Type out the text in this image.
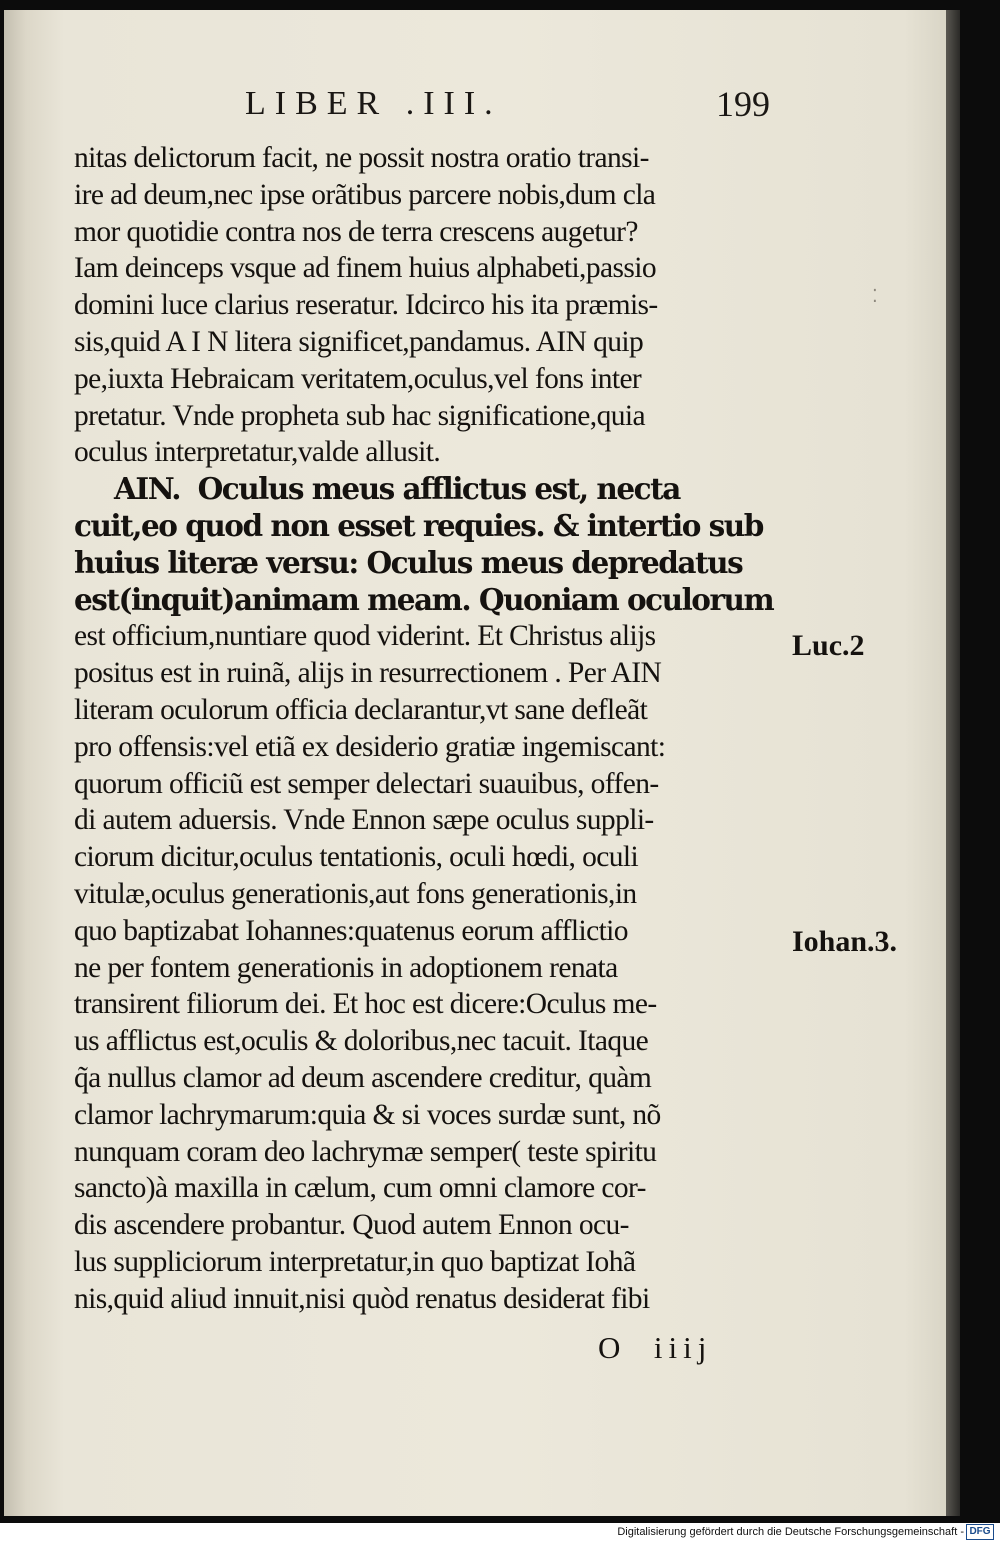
LIBER .III.	199
⁚
nitas delictorum facit, ne possit nostra oratio transi-
ire ad deum,nec ipse orãtibus parcere nobis,dum cla
mor quotidie contra nos de terra crescens augetur?
Iam deinceps vsque ad finem huius alphabeti,passio
domini luce clarius reseratur. Idcirco his ita præmis-
sis,quid A I N litera significet,pandamus. AIN quip
pe,iuxta Hebraicam veritatem,oculus,vel fons inter
pretatur. Vnde propheta sub hac significatione,quia
oculus interpretatur,valde allusit.
AIN.  Oculus meus afflictus est, necta
cuit,eo quod non esset requies. & intertio sub
huius literæ versu: Oculus meus depredatus
est(inquit)animam meam. Quoniam oculorum
est officium,nuntiare quod viderint. Et Christus alijs
positus est in ruinã, alijs in resurrectionem . Per AIN
literam oculorum officia declarantur,vt sane defleãt
pro offensis:vel etiã ex desiderio gratiæ ingemiscant:
quorum officiũ est semper delectari suauibus, offen-
di autem aduersis. Vnde Ennon sæpe oculus suppli-
ciorum dicitur,oculus tentationis, oculi hœdi, oculi
vitulæ,oculus generationis,aut fons generationis,in
quo baptizabat Iohannes:quatenus eorum afflictio
ne per fontem generationis in adoptionem renata
transirent filiorum dei. Et hoc est dicere:Oculus me-
us afflictus est,oculis & doloribus,nec tacuit. Itaque
q̃a nullus clamor ad deum ascendere creditur, quàm
clamor lachrymarum:quia & si voces surdæ sunt, nõ
nunquam coram deo lachrymæ semper( teste spiritu
sancto)à maxilla in cælum, cum omni clamore cor-
dis ascendere probantur. Quod autem Ennon ocu-
lus suppliciorum interpretatur,in quo baptizat Iohã
nis,quid aliud innuit,nisi quòd renatus desiderat fibi
Luc.2
Iohan.3.
O  iiij
Digitalisierung gefördert durch die Deutsche Forschungsgemeinschaft - DFG
